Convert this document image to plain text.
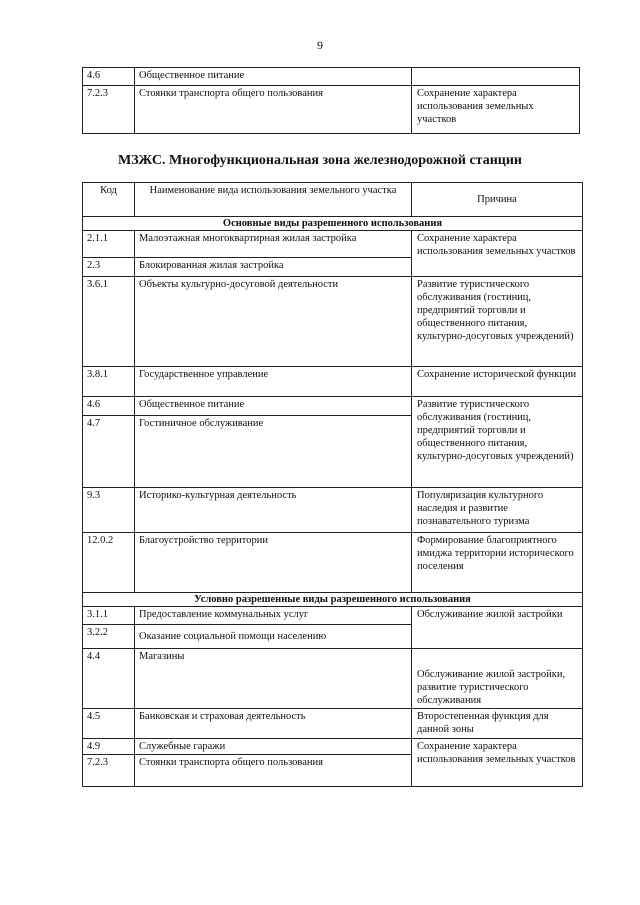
9
4.6	Общественное питание	
7.2.3	Стоянки транспорта общего пользования	Сохранение характера использования земельных участков
МЗЖС. Многофункциональная зона железнодорожной станции
Код	Наименование вида использования земельного участка	Причина
Основные виды разрешенного использования		
2.1.1	Малоэтажная многоквартирная жилая застройка	Сохранение характера использования земельных участков
2.3	Блокированная жилая застройка	
3.6.1	Объекты культурно-досуговой деятельности	Развитие туристического обслуживания (гостиниц, предприятий торговли и общественного питания, культурно-досуговых учреждений)
3.8.1	Государственное управление	Сохранение исторической функции
4.6	Общественное питание	Развитие туристического обслуживания (гостиниц, предприятий торговли и общественного питания, культурно-досуговых учреждений)
4.7	Гостиничное обслуживание	
9.3	Историко-культурная деятельность	Популяризация культурного наследия и развитие познавательного туризма
12.0.2	Благоустройство территории	Формирование благоприятного имиджа территории исторического поселения
Условно разрешенные виды разрешенного использования		
3.1.1	Предоставление коммунальных услуг	Обслуживание жилой застройки
3.2.2	Оказание социальной помощи населению	
4.4	Магазины	Обслуживание жилой застройки, развитие туристического обслуживания
4.5	Банковская и страховая деятельность	Второстепенная функция для данной зоны
4.9	Служебные гаражи	Сохранение характера использования земельных участков
7.2.3	Стоянки транспорта общего пользования	
